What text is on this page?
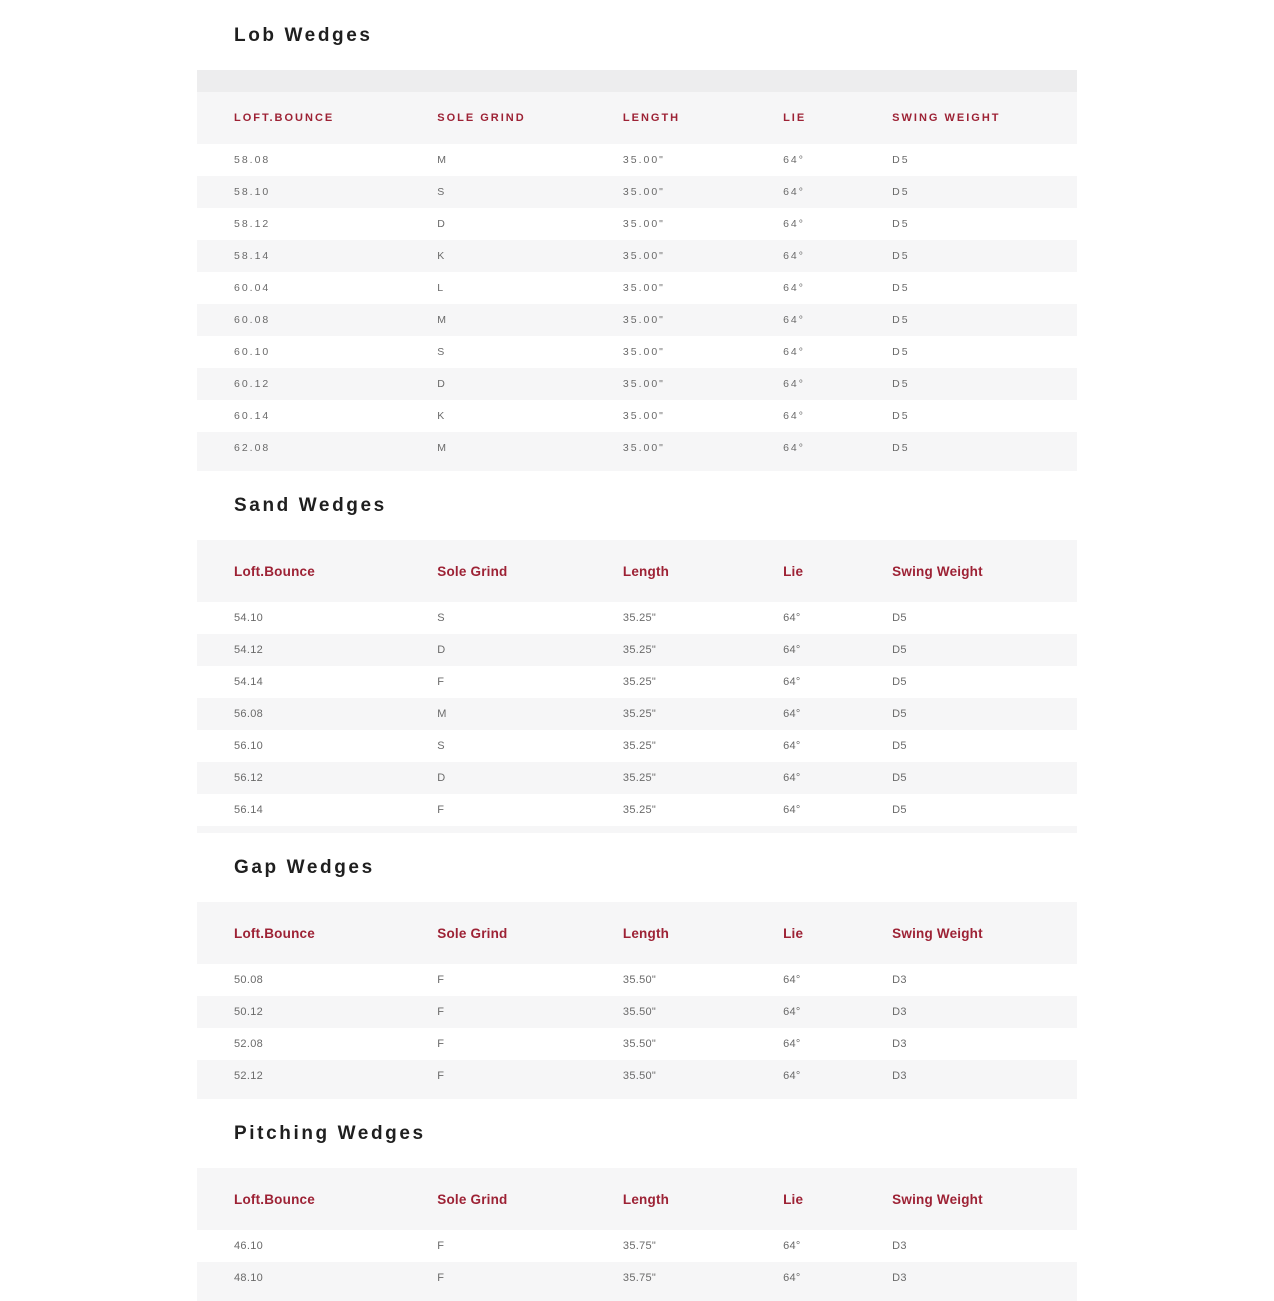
Lob Wedges
LOFT.BOUNCE	SOLE GRIND	LENGTH	LIE	SWING WEIGHT
58.08	M	35.00"	64°	D5
58.10	S	35.00"	64°	D5
58.12	D	35.00"	64°	D5
58.14	K	35.00"	64°	D5
60.04	L	35.00"	64°	D5
60.08	M	35.00"	64°	D5
60.10	S	35.00"	64°	D5
60.12	D	35.00"	64°	D5
60.14	K	35.00"	64°	D5
62.08	M	35.00"	64°	D5
Sand Wedges
Loft.Bounce	Sole Grind	Length	Lie	Swing Weight
54.10	S	35.25"	64°	D5
54.12	D	35.25"	64°	D5
54.14	F	35.25"	64°	D5
56.08	M	35.25"	64°	D5
56.10	S	35.25"	64°	D5
56.12	D	35.25"	64°	D5
56.14	F	35.25"	64°	D5
Gap Wedges
Loft.Bounce	Sole Grind	Length	Lie	Swing Weight
50.08	F	35.50"	64°	D3
50.12	F	35.50"	64°	D3
52.08	F	35.50"	64°	D3
52.12	F	35.50"	64°	D3
Pitching Wedges
Loft.Bounce	Sole Grind	Length	Lie	Swing Weight
46.10	F	35.75"	64°	D3
48.10	F	35.75"	64°	D3
